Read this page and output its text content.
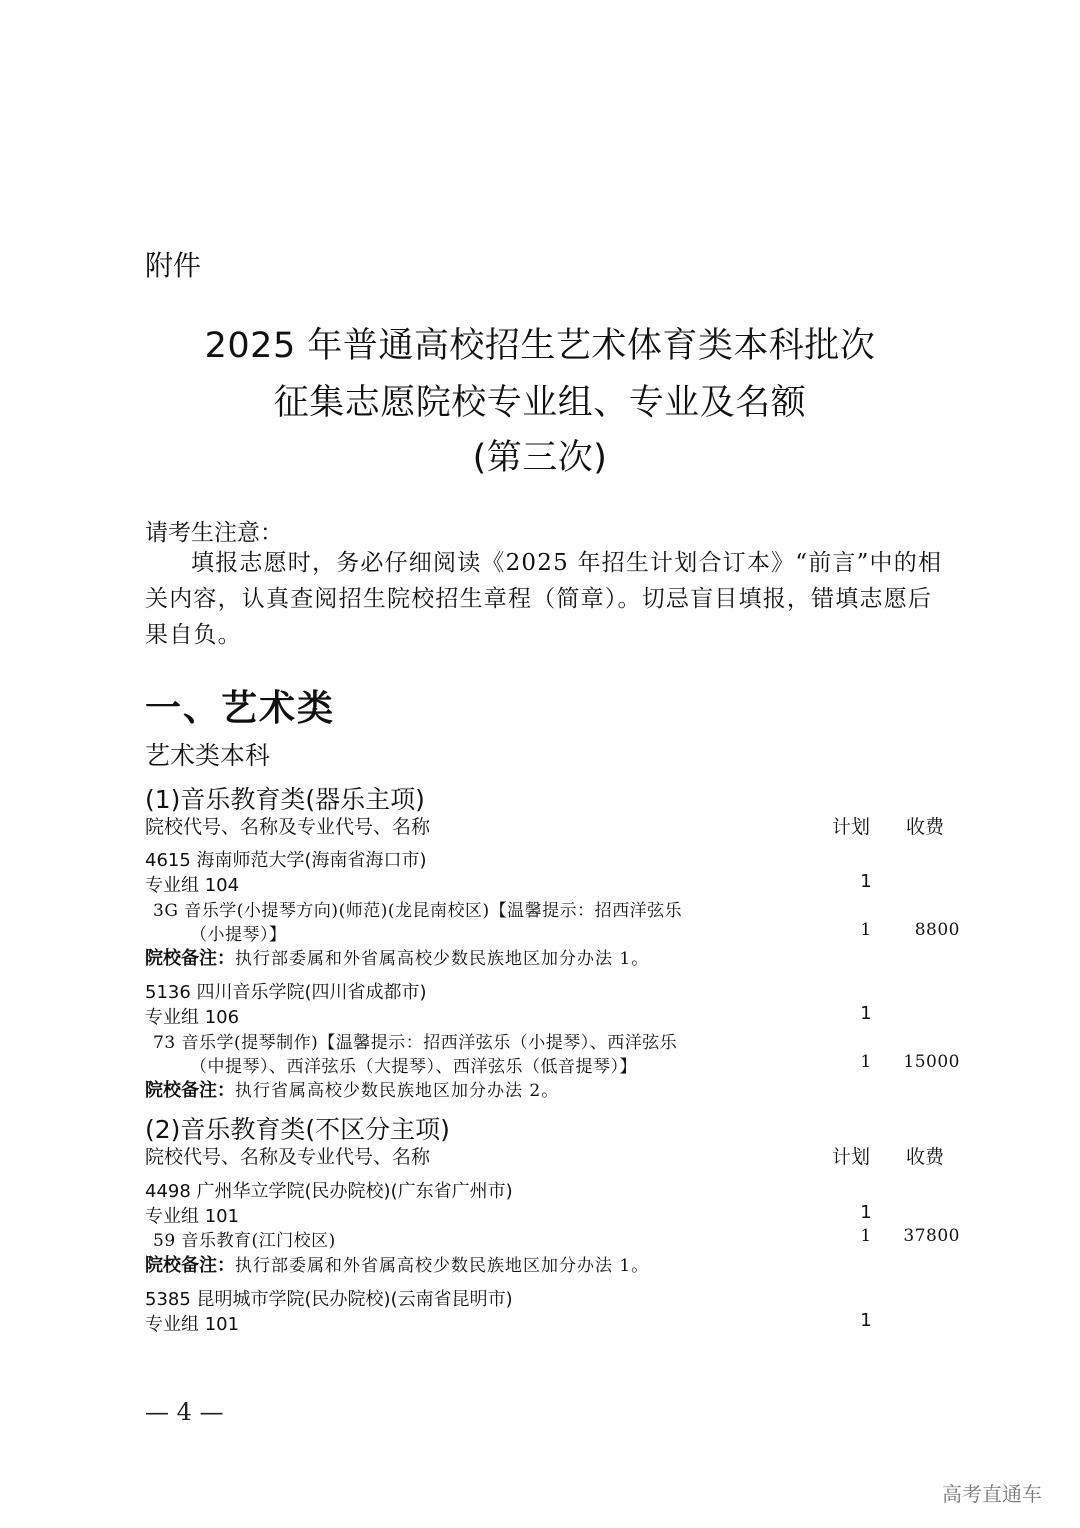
附件
2025 年普通高校招生艺术体育类本科批次
征集志愿院校专业组、专业及名额
(第三次)
请考生注意：
填报志愿时，务必仔细阅读《2025 年招生计划合订本》“前言”中的相关内容，认真查阅招生院校招生章程（简章）。切忌盲目填报，错填志愿后果自负。
一、艺术类
艺术类本科
(1)音乐教育类(器乐主项)
院校代号、名称及专业代号、名称	计划 收费
4615 海南师范大学(海南省海口市)
专业组 104	1
3G 音乐学(小提琴方向)(师范)(龙昆南校区)【温馨提示：招西洋弦乐
（小提琴）】	1	8800
院校备注：执行部委属和外省属高校少数民族地区加分办法 1。
5136 四川音乐学院(四川省成都市)
专业组 106	1
73 音乐学(提琴制作)【温馨提示：招西洋弦乐（小提琴）、西洋弦乐
（中提琴）、西洋弦乐（大提琴）、西洋弦乐（低音提琴）】	1 15000
院校备注：执行省属高校少数民族地区加分办法 2。
(2)音乐教育类(不区分主项)
院校代号、名称及专业代号、名称	计划 收费
4498 广州华立学院(民办院校)(广东省广州市)
专业组 101	1
59 音乐教育(江门校区)	1 37800
院校备注：执行部委属和外省属高校少数民族地区加分办法 1。
5385 昆明城市学院(民办院校)(云南省昆明市)
专业组 101	1
— 4 —
高考直通车
